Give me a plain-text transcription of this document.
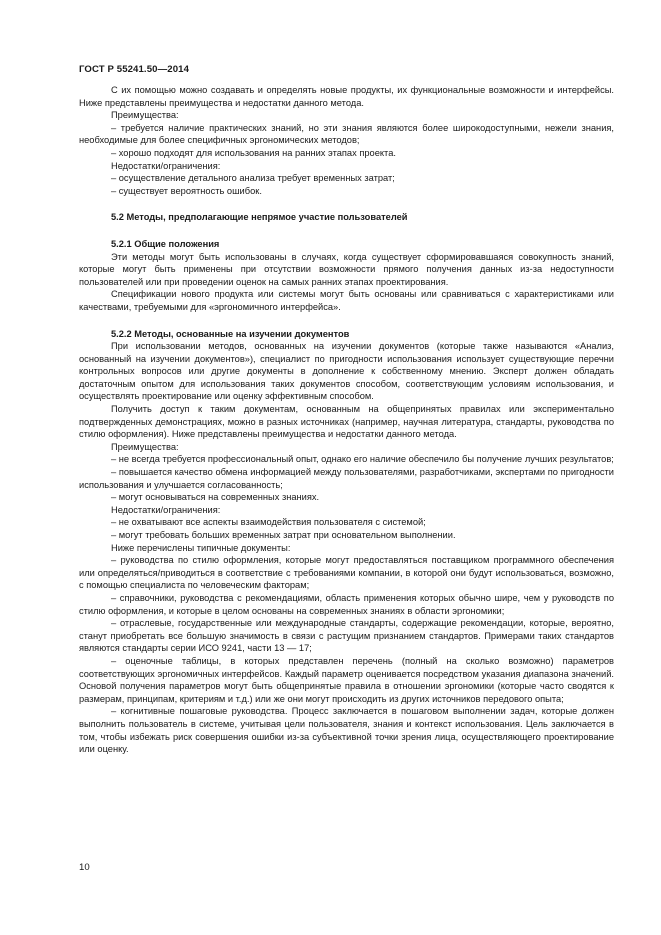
ГОСТ Р 55241.50—2014
С их помощью можно создавать и определять новые продукты, их функциональные возможности и интерфейсы. Ниже представлены преимущества и недостатки данного метода.
Преимущества:
– требуется наличие практических знаний, но эти знания являются более широкодоступными, нежели знания, необходимые для более специфичных эргономических методов;
– хорошо подходят для использования на ранних этапах проекта.
Недостатки/ограничения:
– осуществление детального анализа требует временных затрат;
– существует вероятность ошибок.
5.2 Методы, предполагающие непрямое участие пользователей
5.2.1 Общие положения
Эти методы могут быть использованы в случаях, когда существует сформировавшаяся совокупность знаний, которые могут быть применены при отсутствии возможности прямого получения данных из-за недоступности пользователей или при проведении оценок на самых ранних этапах проектирования.
Спецификации нового продукта или системы могут быть основаны или сравниваться с характеристиками или качествами, требуемыми для «эргономичного интерфейса».
5.2.2 Методы, основанные на изучении документов
При использовании методов, основанных на изучении документов (которые также называются «Анализ, основанный на изучении документов»), специалист по пригодности использования использует существующие перечни контрольных вопросов или другие документы в дополнение к собственному мнению. Эксперт должен обладать достаточным опытом для использования таких документов способом, соответствующим условиям использования, и осуществлять проектирование или оценку эффективным способом.
Получить доступ к таким документам, основанным на общепринятых правилах или экспериментально подтвержденных демонстрациях, можно в разных источниках (например, научная литература, стандарты, руководства по стилю оформления). Ниже представлены преимущества и недостатки данного метода.
Преимущества:
– не всегда требуется профессиональный опыт, однако его наличие обеспечило бы получение лучших результатов;
– повышается качество обмена информацией между пользователями, разработчиками, экспертами по пригодности использования и улучшается согласованность;
– могут основываться на современных знаниях.
Недостатки/ограничения:
– не охватывают все аспекты взаимодействия пользователя с системой;
– могут требовать больших временных затрат при основательном выполнении.
Ниже перечислены типичные документы:
– руководства по стилю оформления, которые могут предоставляться поставщиком программного обеспечения или определяться/приводиться в соответствие с требованиями компании, в которой они будут использоваться, возможно, с помощью специалиста по человеческим факторам;
– справочники, руководства с рекомендациями, область применения которых обычно шире, чем у руководств по стилю оформления, и которые в целом основаны на современных знаниях в области эргономики;
– отраслевые, государственные или международные стандарты, содержащие рекомендации, которые, вероятно, станут приобретать все большую значимость в связи с растущим признанием стандартов. Примерами таких стандартов являются стандарты серии ИСО 9241, части 13 — 17;
– оценочные таблицы, в которых представлен перечень (полный на сколько возможно) параметров соответствующих эргономичных интерфейсов. Каждый параметр оценивается посредством указания диапазона значений. Основой получения параметров могут быть общепринятые правила в отношении эргономики (которые часто сводятся к размерам, принципам, критериям и т.д.) или же они могут происходить из других источников передового опыта;
– когнитивные пошаговые руководства. Процесс заключается в пошаговом выполнении задач, которые должен выполнить пользователь в системе, учитывая цели пользователя, знания и контекст использования. Цель заключается в том, чтобы избежать риск совершения ошибки из-за субъективной точки зрения лица, осуществляющего проектирование или оценку.
10
